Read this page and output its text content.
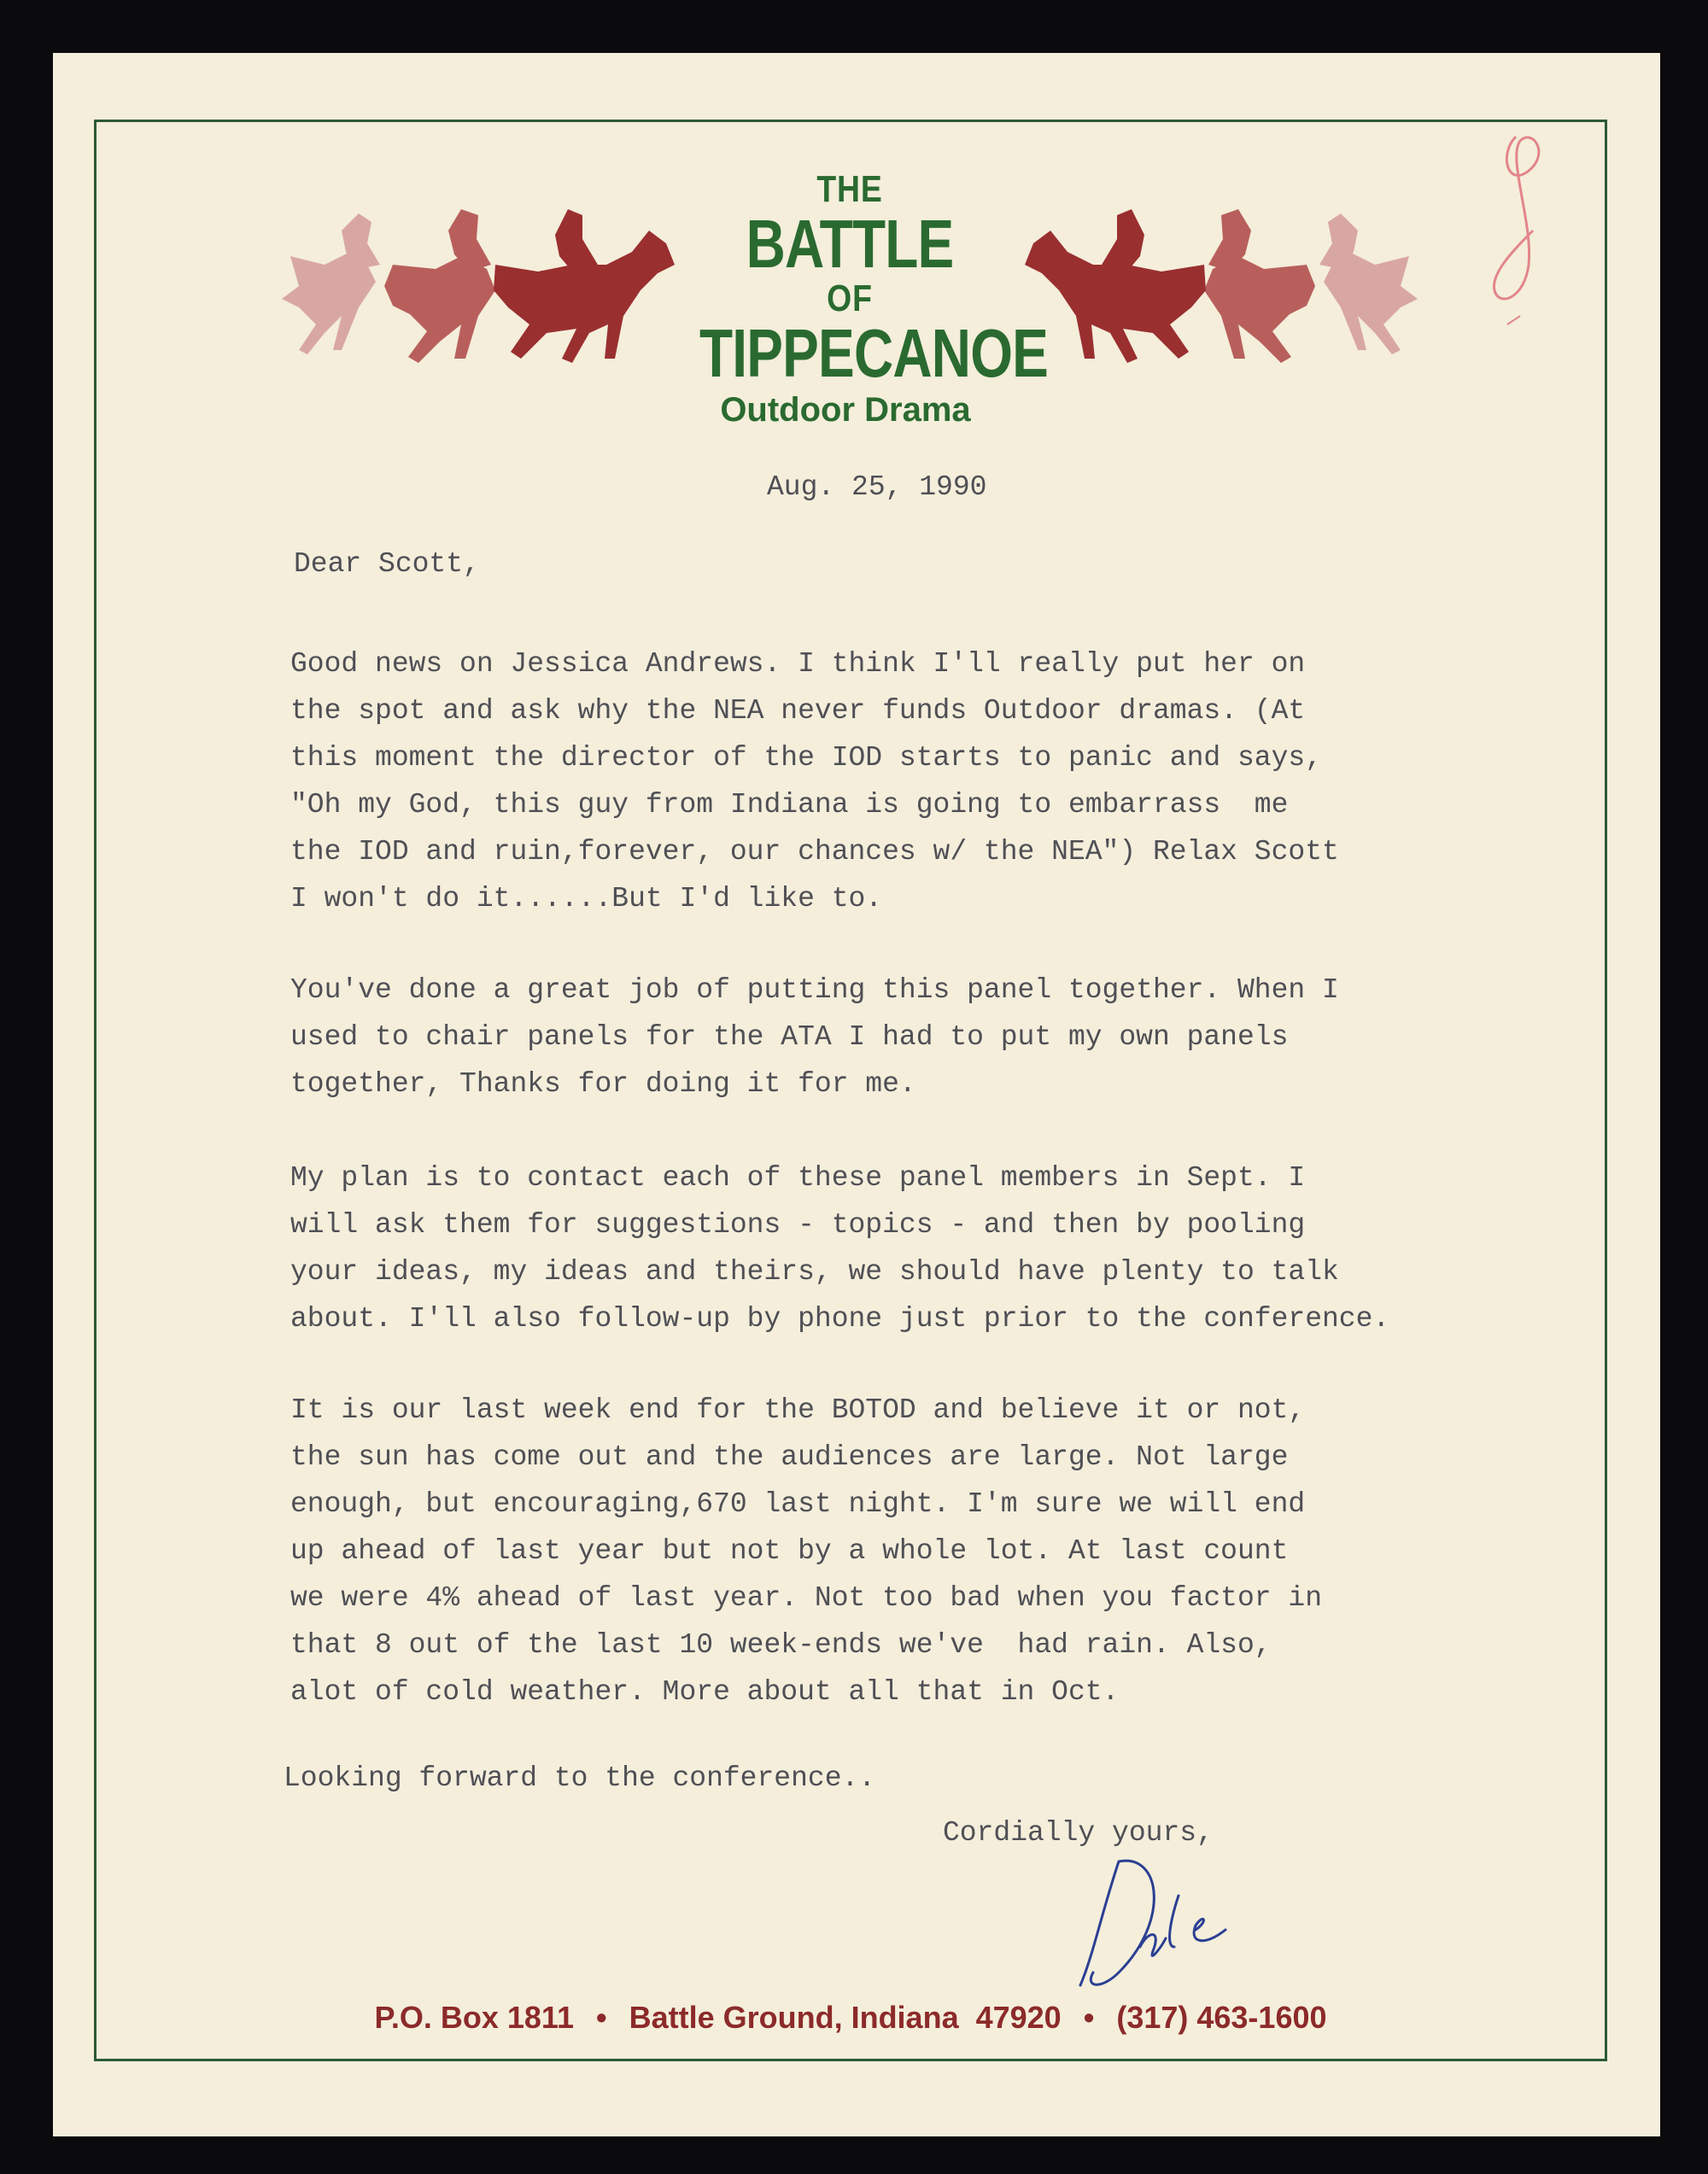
THE
BATTLE
OF
TIPPECANOE
Outdoor Drama

Aug. 25, 1990

Dear Scott,

Good news on Jessica Andrews. I think I'll really put her on
the spot and ask why the NEA never funds Outdoor dramas. (At
this moment the director of the IOD starts to panic and says,
"Oh my God, this guy from Indiana is going to embarrass  me
the IOD and ruin,forever, our chances w/ the NEA") Relax Scott
I won't do it......But I'd like to.
You've done a great job of putting this panel together. When I
used to chair panels for the ATA I had to put my own panels
together, Thanks for doing it for me.
My plan is to contact each of these panel members in Sept. I
will ask them for suggestions - topics - and then by pooling
your ideas, my ideas and theirs, we should have plenty to talk
about. I'll also follow-up by phone just prior to the conference.
It is our last week end for the BOTOD and believe it or not,
the sun has come out and the audiences are large. Not large
enough, but encouraging,670 last night. I'm sure we will end
up ahead of last year but not by a whole lot. At last count
we were 4% ahead of last year. Not too bad when you factor in
that 8 out of the last 10 week-ends we've  had rain. Also,
alot of cold weather. More about all that in Oct.

Looking forward to the conference..

Cordially yours,

P.O. Box 1811 • Battle Ground, Indiana  47920 • (317) 463-1600
